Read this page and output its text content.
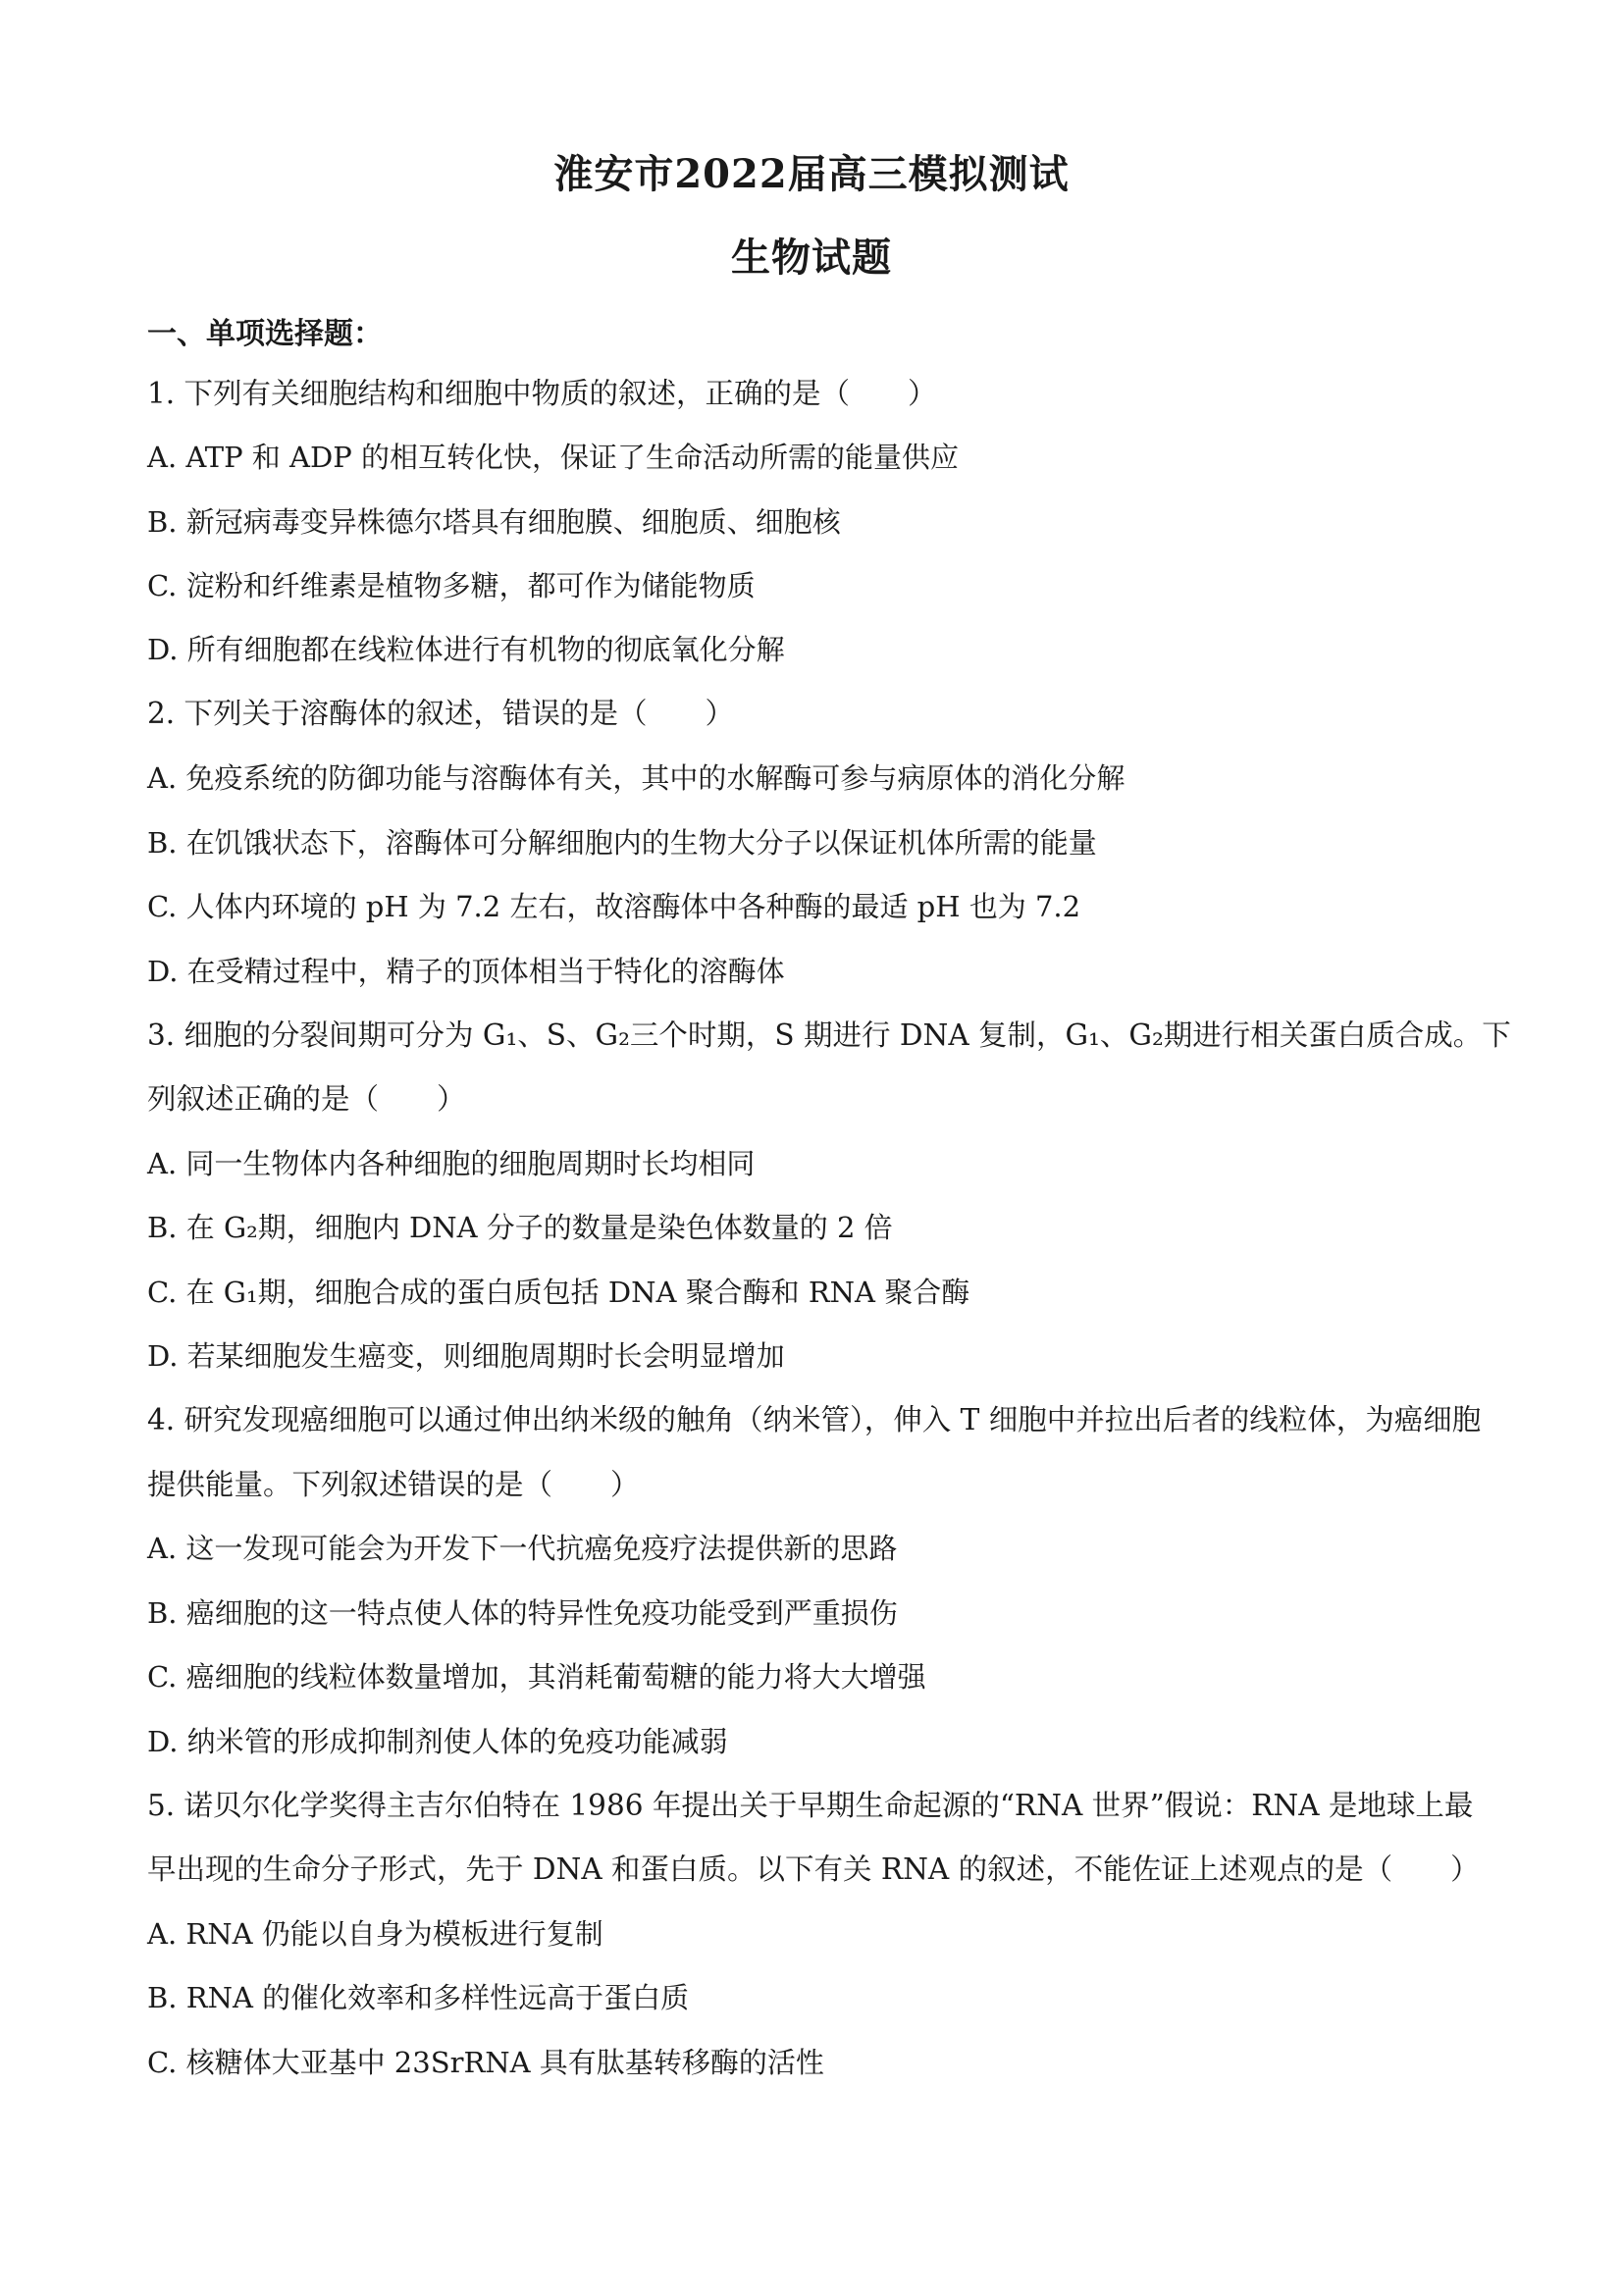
淮安市2022届高三模拟测试
生物试题
一、单项选择题：
1. 下列有关细胞结构和细胞中物质的叙述，正确的是（　　）
A. ATP 和 ADP 的相互转化快，保证了生命活动所需的能量供应
B. 新冠病毒变异株德尔塔具有细胞膜、细胞质、细胞核
C. 淀粉和纤维素是植物多糖，都可作为储能物质
D. 所有细胞都在线粒体进行有机物的彻底氧化分解
2. 下列关于溶酶体的叙述，错误的是（　　）
A. 免疫系统的防御功能与溶酶体有关，其中的水解酶可参与病原体的消化分解
B. 在饥饿状态下，溶酶体可分解细胞内的生物大分子以保证机体所需的能量
C. 人体内环境的 pH 为 7.2 左右，故溶酶体中各种酶的最适 pH 也为 7.2
D. 在受精过程中，精子的顶体相当于特化的溶酶体
3. 细胞的分裂间期可分为 G₁、S、G₂三个时期，S 期进行 DNA 复制，G₁、G₂期进行相关蛋白质合成。下
列叙述正确的是（　　）
A. 同一生物体内各种细胞的细胞周期时长均相同
B. 在 G₂期，细胞内 DNA 分子的数量是染色体数量的 2 倍
C. 在 G₁期，细胞合成的蛋白质包括 DNA 聚合酶和 RNA 聚合酶
D. 若某细胞发生癌变，则细胞周期时长会明显增加
4. 研究发现癌细胞可以通过伸出纳米级的触角（纳米管），伸入 T 细胞中并拉出后者的线粒体，为癌细胞
提供能量。下列叙述错误的是（　　）
A. 这一发现可能会为开发下一代抗癌免疫疗法提供新的思路
B. 癌细胞的这一特点使人体的特异性免疫功能受到严重损伤
C. 癌细胞的线粒体数量增加，其消耗葡萄糖的能力将大大增强
D. 纳米管的形成抑制剂使人体的免疫功能减弱
5. 诺贝尔化学奖得主吉尔伯特在 1986 年提出关于早期生命起源的“RNA 世界”假说：RNA 是地球上最
早出现的生命分子形式，先于 DNA 和蛋白质。以下有关 RNA 的叙述，不能佐证上述观点的是（　　）
A. RNA 仍能以自身为模板进行复制
B. RNA 的催化效率和多样性远高于蛋白质
C. 核糖体大亚基中 23SrRNA 具有肽基转移酶的活性
